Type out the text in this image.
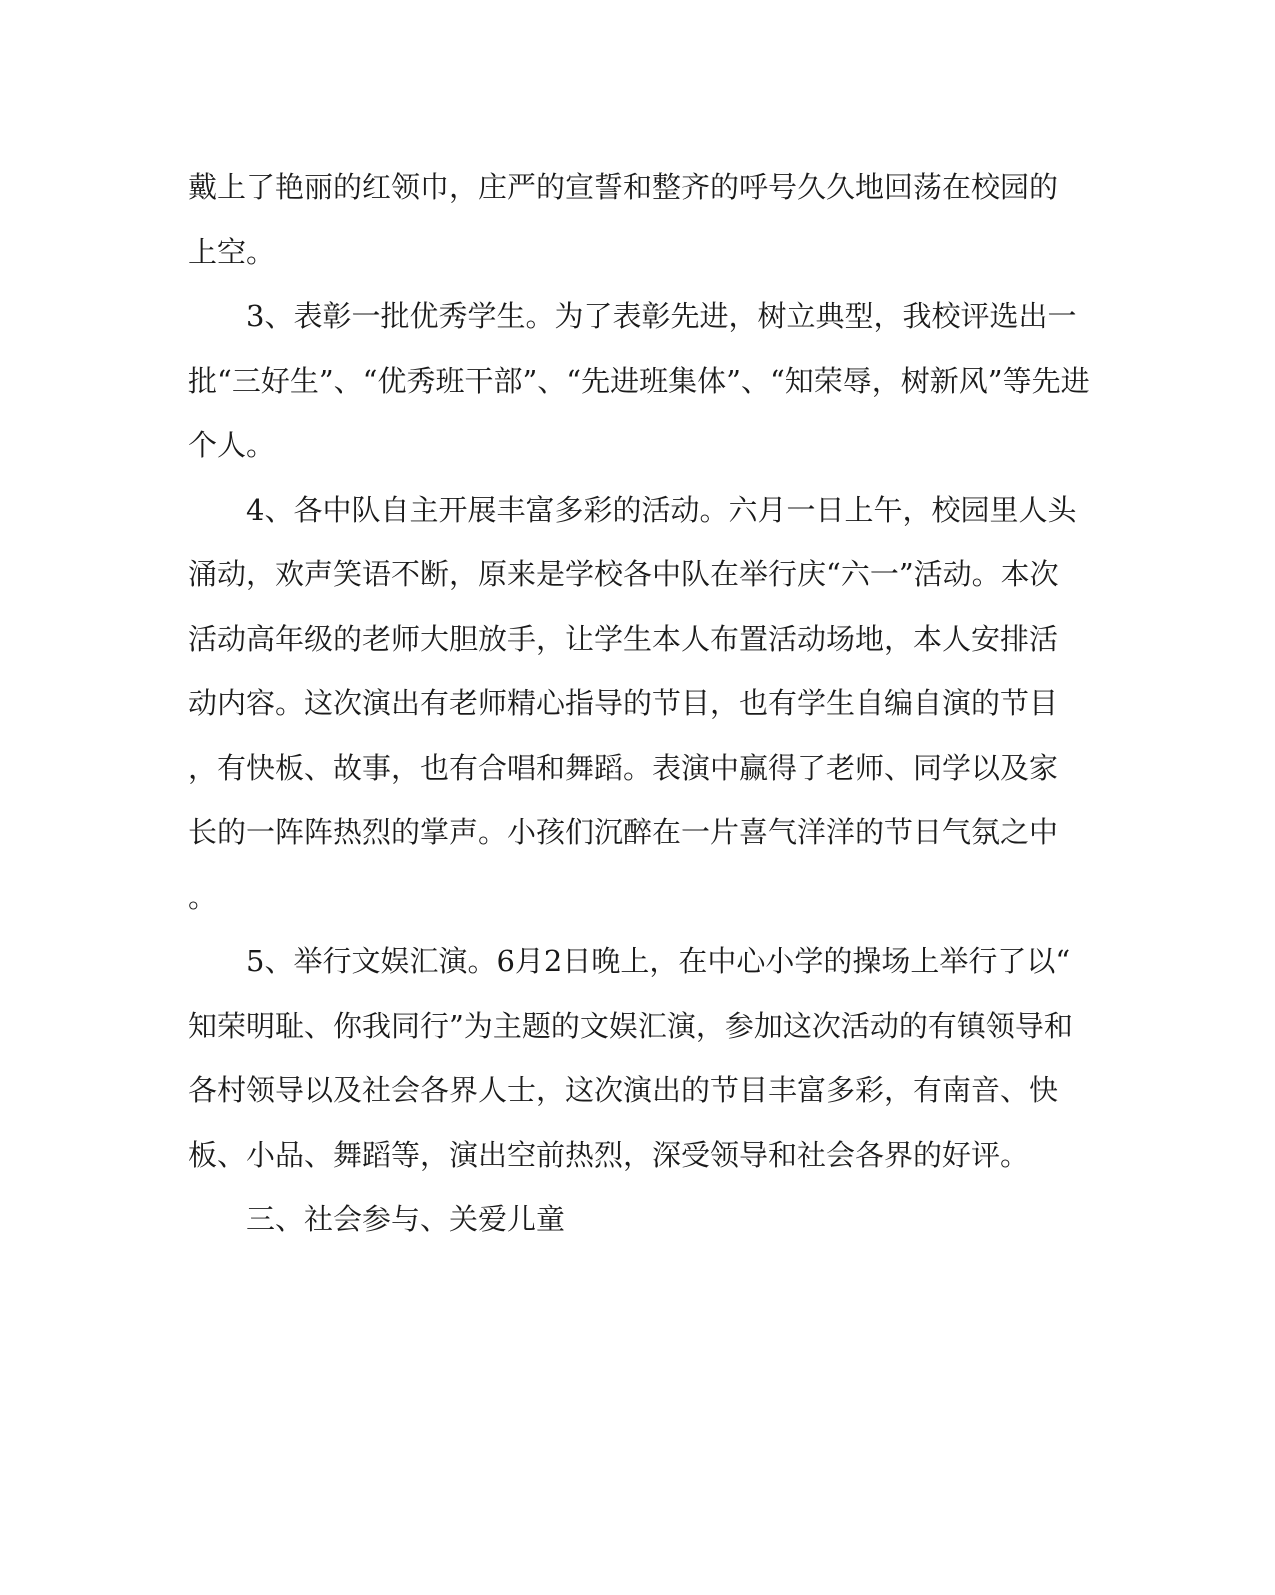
戴上了艳丽的红领巾，庄严的宣誓和整齐的呼号久久地回荡在校园的
上空。
3、表彰一批优秀学生。为了表彰先进，树立典型，我校评选出一
批“三好生”、“优秀班干部”、“先进班集体”、“知荣辱，树新风”等先进
个人。
4、各中队自主开展丰富多彩的活动。六月一日上午，校园里人头
涌动，欢声笑语不断，原来是学校各中队在举行庆“六一”活动。本次
活动高年级的老师大胆放手，让学生本人布置活动场地，本人安排活
动内容。这次演出有老师精心指导的节目，也有学生自编自演的节目
，有快板、故事，也有合唱和舞蹈。表演中赢得了老师、同学以及家
长的一阵阵热烈的掌声。小孩们沉醉在一片喜气洋洋的节日气氛之中
。
5、举行文娱汇演。6月2日晚上，在中心小学的操场上举行了以“
知荣明耻、你我同行”为主题的文娱汇演，参加这次活动的有镇领导和
各村领导以及社会各界人士，这次演出的节目丰富多彩，有南音、快
板、小品、舞蹈等，演出空前热烈，深受领导和社会各界的好评。
三、社会参与、关爱儿童
